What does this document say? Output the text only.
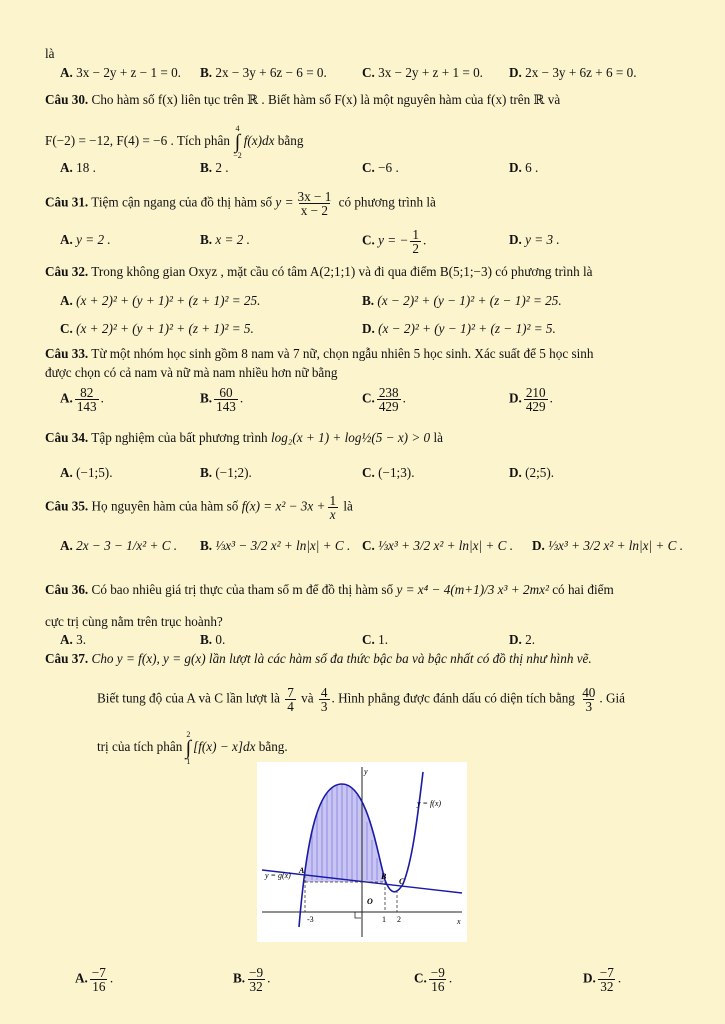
là
A. 3x − 2y + z − 1 = 0. B. 2x − 3y + 6z − 6 = 0.	C. 3x − 2y + z + 1 = 0. D. 2x − 3y + 6z + 6 = 0.
Câu 30. Cho hàm số f(x) liên tục trên ℝ . Biết hàm số F(x) là một nguyên hàm của f(x) trên ℝ và
F(−2) = −12, F(4) = −6 . Tích phân
4
∫
−2
f(x)dx bằng
A. 18 .	B. 2 .	C. −6 .	D. 6 .
Câu 31. Tiệm cận ngang của đồ thị hàm số $y = \frac{3x - 1}{x - 2}$ có phương trình là
A. y = 2 .	B. x = 2 .	C. y = − $\frac{1}{2}$ .	D. y = 3 .
Câu 32. Trong không gian Oxyz , mặt cầu có tâm A(2;1;1) và đi qua điểm B(5;1;−3) có phương trình là
A. (x + 2)² + (y + 1)² + (z + 1)² = 25.	B. (x − 2)² + (y − 1)² + (z − 1)² = 25.
C. (x + 2)² + (y + 1)² + (z + 1)² = 5.	D. (x − 2)² + (y − 1)² + (z − 1)² = 5.
Câu 33. Từ một nhóm học sinh gồm 8 nam và 7 nữ, chọn ngẫu nhiên 5 học sinh. Xác suất để 5 học sinh
được chọn có cả nam và nữ mà nam nhiều hơn nữ bằng
A. $\frac{82}{143}$ .	B. $\frac{60}{143}$ .	C. $\frac{238}{429}$ .	D. $\frac{210}{429}$ .
Câu 34. Tập nghiệm của bất phương trình log₂(x + 1) + log½(5 − x) > 0 là
A. (−1;5).	B. (−1;2).	C. (−1;3).	D. (2;5).
Câu 35. Họ nguyên hàm của hàm số $f(x) = x^2 - 3x + \frac{1}{x}$ là
A. 2x − 3 − 1/x² + C . B. ⅓x³ − 3/2 x² + ln|x| + C . C. ⅓x³ + 3/2 x² + ln|x| + C . D. ⅓x³ + 3/2 x² + ln|x| + C .
Câu 36. Có bao nhiêu giá trị thực của tham số m để đồ thị hàm số y = x⁴ − 4(m+1)/3 x³ + 2mx² có hai điểm
cực trị cùng nằm trên trục hoành?
A. 3.	B. 0.	C. 1.	D. 2.
Câu 37. Cho y = f(x), y = g(x) lần lượt là các hàm số đa thức bậc ba và bậc nhất có đồ thị như hình vẽ.
Biết tung độ của A và C lần lượt là $\frac{7}{4}$ và $\frac{4}{3}$ . Hình phẳng được đánh dấu có diện tích bằng $\frac{40}{3}$ . Giá
trị của tích phân
2
∫
1
[f(x) − x]dx bằng.
y = f(x)
y = g(x)
y
x
A
B
C
O
-3	1 2
A. $\frac{-7}{16}$ .	B. $\frac{-9}{32}$ .	C. $\frac{-9}{16}$ .	D. $\frac{-7}{32}$ .
